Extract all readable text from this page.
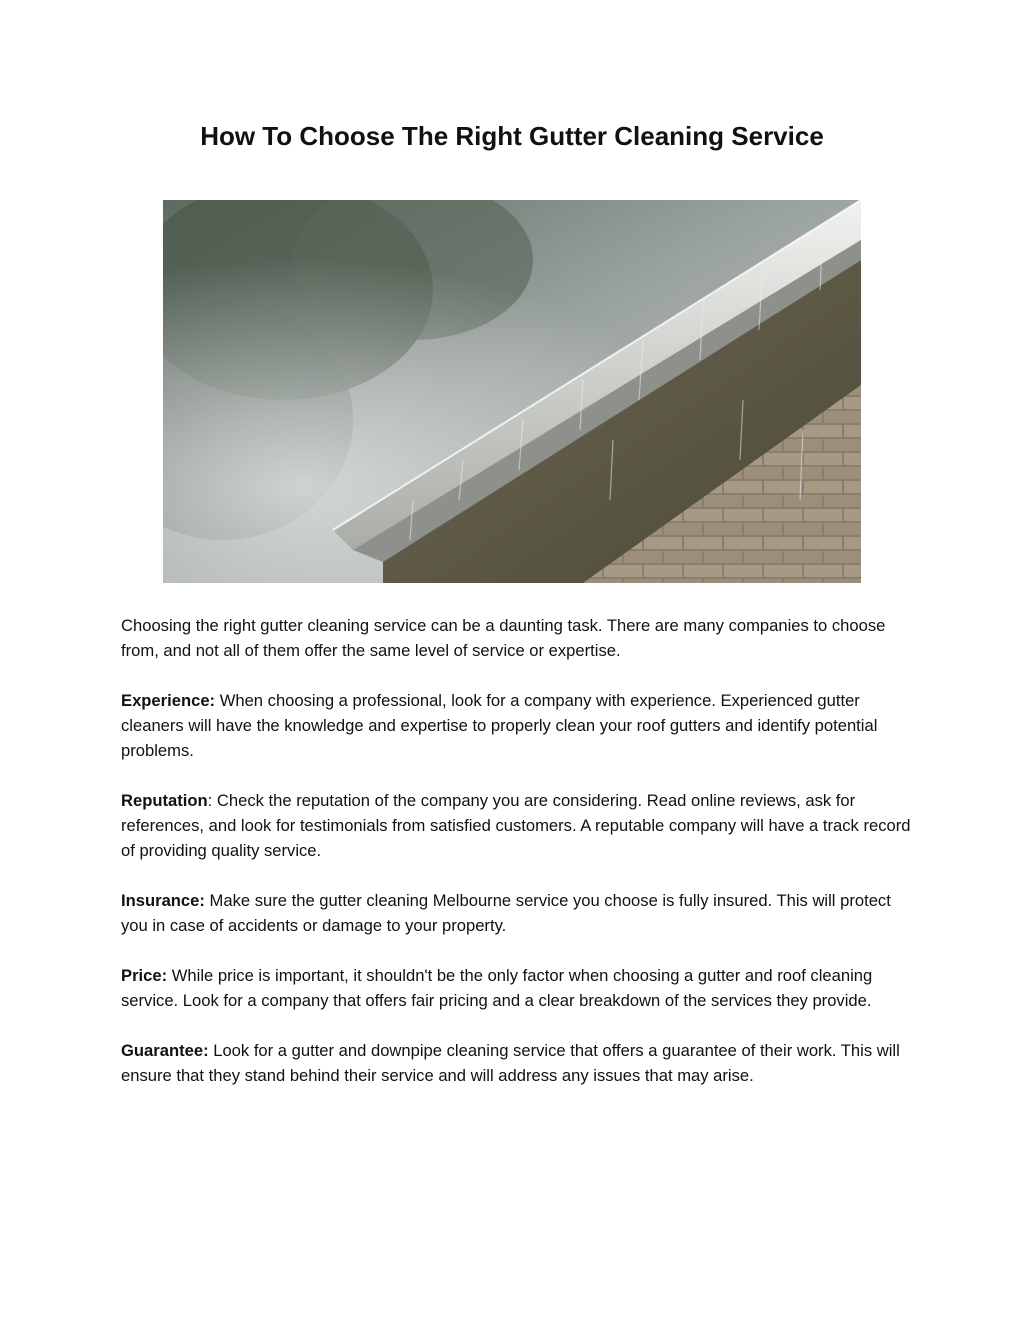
How To Choose The Right Gutter Cleaning Service

Choosing the right gutter cleaning service can be a daunting task. There are many companies to choose from, and not all of them offer the same level of service or expertise.

Experience: When choosing a professional, look for a company with experience. Experienced gutter cleaners will have the knowledge and expertise to properly clean your roof gutters and identify potential problems.

Reputation: Check the reputation of the company you are considering. Read online reviews, ask for references, and look for testimonials from satisfied customers. A reputable company will have a track record of providing quality service.

Insurance: Make sure the gutter cleaning Melbourne service you choose is fully insured. This will protect you in case of accidents or damage to your property.

Price: While price is important, it shouldn't be the only factor when choosing a gutter and roof cleaning service. Look for a company that offers fair pricing and a clear breakdown of the services they provide.

Guarantee: Look for a gutter and downpipe cleaning service that offers a guarantee of their work. This will ensure that they stand behind their service and will address any issues that may arise.
